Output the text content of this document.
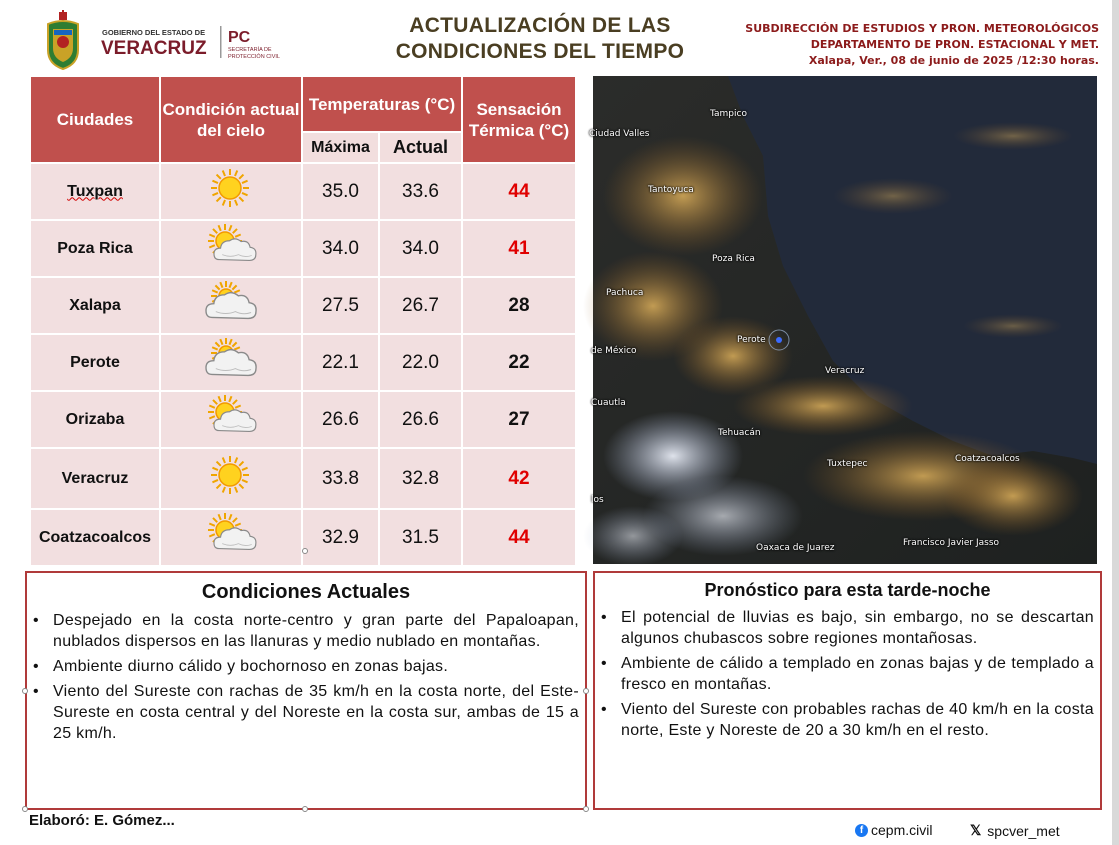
GOBIERNO DEL ESTADO DE
VERACRUZ
PC
SECRETARÍA DE
PROTECCIÓN CIVIL
ACTUALIZACIÓN DE LAS
CONDICIONES DEL TIEMPO
SUBDIRECCIÓN DE ESTUDIOS Y PRON. METEOROLÓGICOS
DEPARTAMENTO DE PRON. ESTACIONAL Y MET.
Xalapa, Ver., 08 de junio de 2025 /12:30 horas.
Ciudades	Condición actual del cielo	Temperaturas (°C)		Sensación Térmica (°C)
		Máxima	Actual	
Tuxpan		35.0	33.6	44
Poza Rica		34.0	34.0	41
Xalapa		27.5	26.7	28
Perote		22.1	22.0	22
Orizaba		26.6	26.6	27
Veracruz		33.8	32.8	42
Coatzacoalcos		32.9	31.5	44
Tampico
Ciudad Valles
Tantoyuca
Poza Rica
Pachuca
Perote
de México
Veracruz
Cuautla
Tehuacán
Tuxtepec	Coatzacoalcos
los
Oaxaca de Juarez	Francisco Javier Jasso
Condiciones Actuales
• Despejado en la costa norte-centro y gran parte del Papaloapan, nublados dispersos en las llanuras y medio nublado en montañas.
• Ambiente diurno cálido y bochornoso en zonas bajas.
• Viento del Sureste con rachas de 35 km/h en la costa norte, del Este-Sureste en costa central y del Noreste en la costa sur, ambas de 15 a 25 km/h.
Pronóstico para esta tarde-noche
• El potencial de lluvias es bajo, sin embargo, no se descartan algunos chubascos sobre regiones montañosas.
• Ambiente de cálido a templado en zonas bajas y de templado a fresco en montañas.
• Viento del Sureste con probables rachas de 40 km/h en la costa norte, Este y Noreste de 20 a 30 km/h en el resto.
Elaboró: E. Gómez...
f cepm.civil	𝕏 spcver_met
